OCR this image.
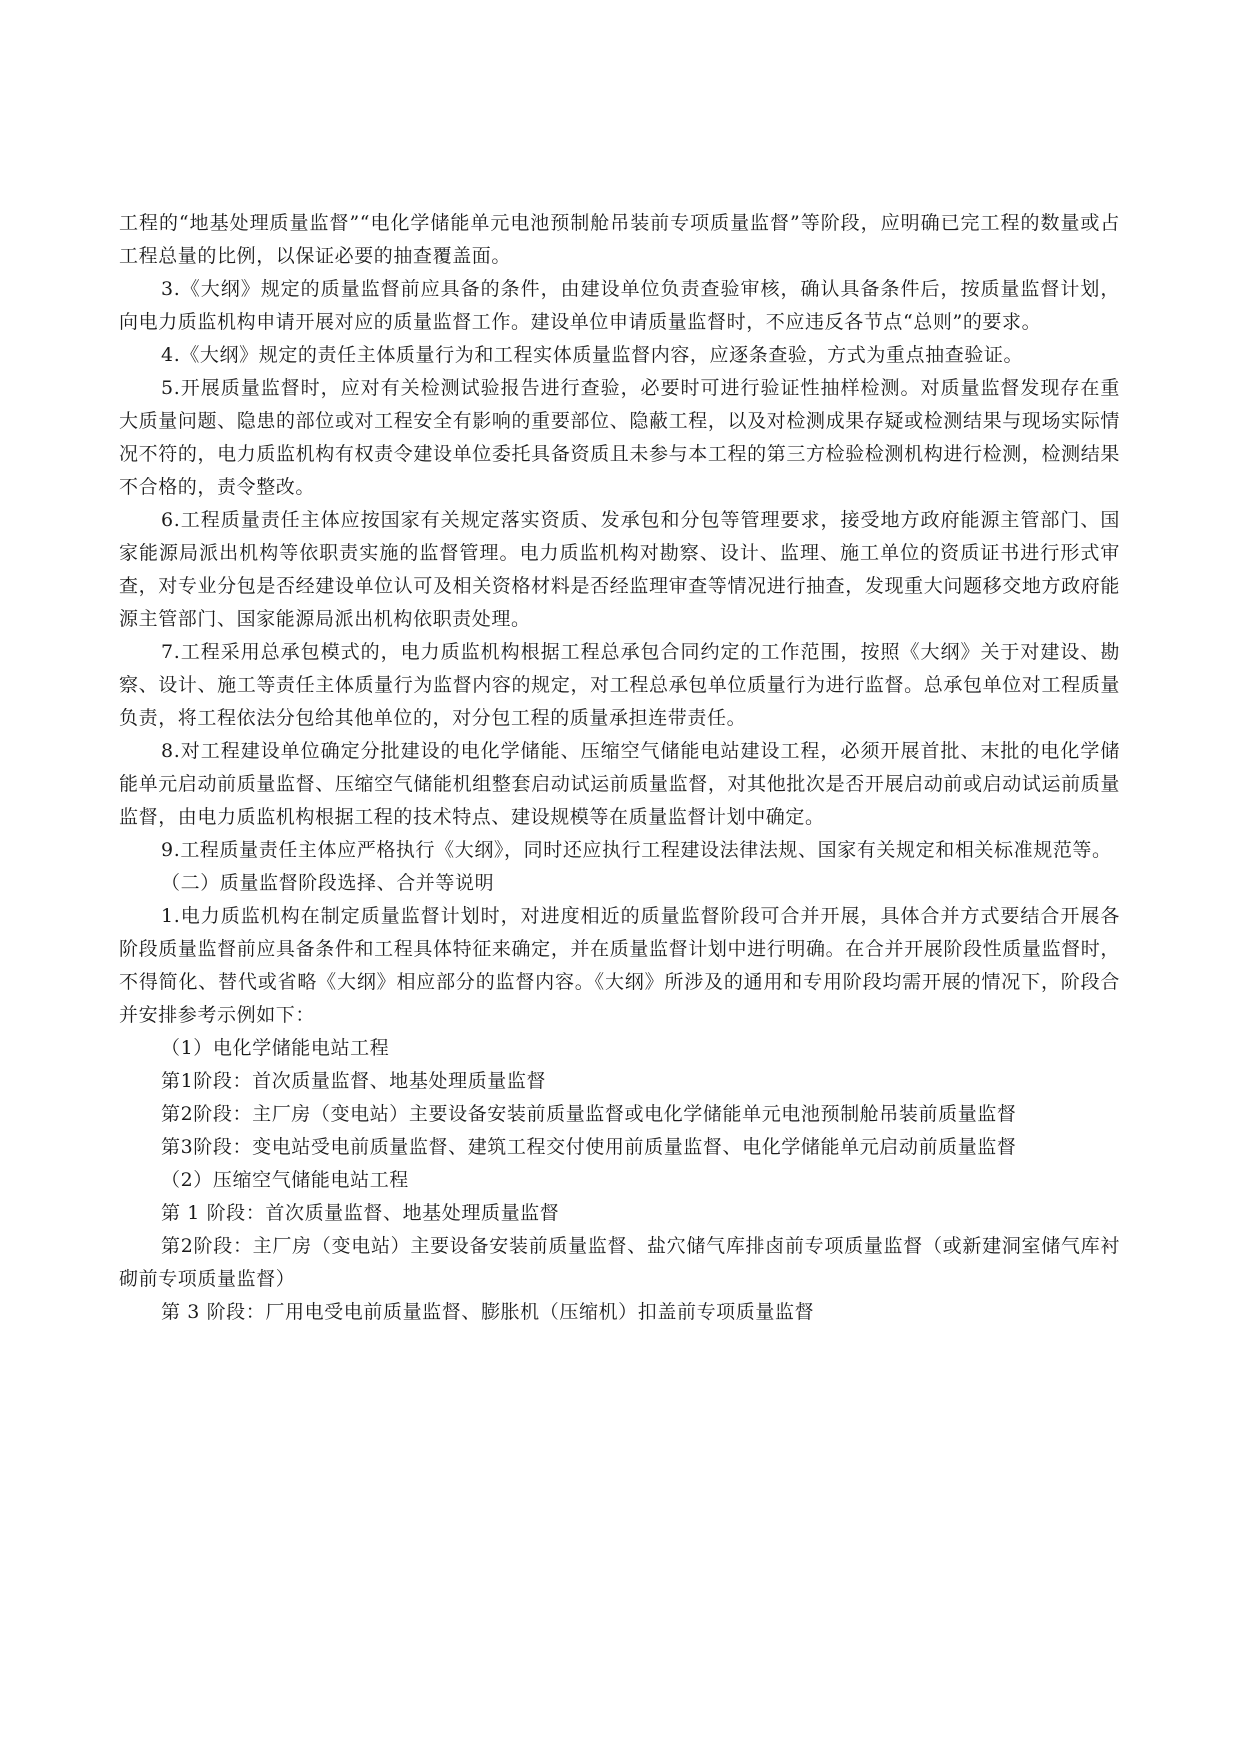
工程的“地基处理质量监督”“电化学储能单元电池预制舱吊装前专项质量监督”等阶段，应明确已完工程的数量或占工程总量的比例，以保证必要的抽查覆盖面。

3.《大纲》规定的质量监督前应具备的条件，由建设单位负责查验审核，确认具备条件后，按质量监督计划，向电力质监机构申请开展对应的质量监督工作。建设单位申请质量监督时，不应违反各节点“总则”的要求。

4.《大纲》规定的责任主体质量行为和工程实体质量监督内容，应逐条查验，方式为重点抽查验证。

5.开展质量监督时，应对有关检测试验报告进行查验，必要时可进行验证性抽样检测。对质量监督发现存在重大质量问题、隐患的部位或对工程安全有影响的重要部位、隐蔽工程，以及对检测成果存疑或检测结果与现场实际情况不符的，电力质监机构有权责令建设单位委托具备资质且未参与本工程的第三方检验检测机构进行检测，检测结果不合格的，责令整改。

6.工程质量责任主体应按国家有关规定落实资质、发承包和分包等管理要求，接受地方政府能源主管部门、国家能源局派出机构等依职责实施的监督管理。电力质监机构对勘察、设计、监理、施工单位的资质证书进行形式审查，对专业分包是否经建设单位认可及相关资格材料是否经监理审查等情况进行抽查，发现重大问题移交地方政府能源主管部门、国家能源局派出机构依职责处理。

7.工程采用总承包模式的，电力质监机构根据工程总承包合同约定的工作范围，按照《大纲》关于对建设、勘察、设计、施工等责任主体质量行为监督内容的规定，对工程总承包单位质量行为进行监督。总承包单位对工程质量负责，将工程依法分包给其他单位的，对分包工程的质量承担连带责任。

8.对工程建设单位确定分批建设的电化学储能、压缩空气储能电站建设工程，必须开展首批、末批的电化学储能单元启动前质量监督、压缩空气储能机组整套启动试运前质量监督，对其他批次是否开展启动前或启动试运前质量监督，由电力质监机构根据工程的技术特点、建设规模等在质量监督计划中确定。

9.工程质量责任主体应严格执行《大纲》，同时还应执行工程建设法律法规、国家有关规定和相关标准规范等。

（二）质量监督阶段选择、合并等说明

1.电力质监机构在制定质量监督计划时，对进度相近的质量监督阶段可合并开展，具体合并方式要结合开展各阶段质量监督前应具备条件和工程具体特征来确定，并在质量监督计划中进行明确。在合并开展阶段性质量监督时，不得简化、替代或省略《大纲》相应部分的监督内容。《大纲》所涉及的通用和专用阶段均需开展的情况下，阶段合并安排参考示例如下：

（1）电化学储能电站工程

第1阶段：首次质量监督、地基处理质量监督

第2阶段：主厂房（变电站）主要设备安装前质量监督或电化学储能单元电池预制舱吊装前质量监督

第3阶段：变电站受电前质量监督、建筑工程交付使用前质量监督、电化学储能单元启动前质量监督

（2）压缩空气储能电站工程

第 1 阶段：首次质量监督、地基处理质量监督

第2阶段：主厂房（变电站）主要设备安装前质量监督、盐穴储气库排卤前专项质量监督（或新建洞室储气库衬砌前专项质量监督）

第 3 阶段：厂用电受电前质量监督、膨胀机（压缩机）扣盖前专项质量监督
